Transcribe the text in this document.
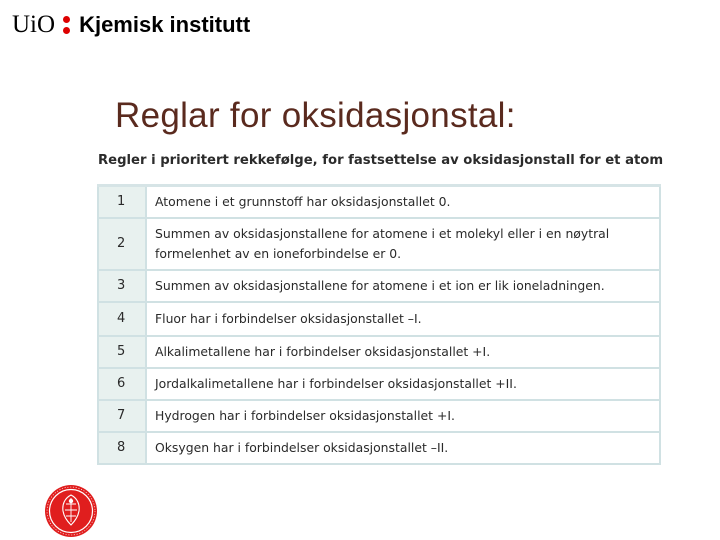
UiO Kjemisk institutt
Reglar for oksidasjonstal:
Regler i prioritert rekkefølge, for fastsettelse av oksidasjonstall for et atom
1	Atomene i et grunnstoff har oksidasjonstallet 0.
2	Summen av oksidasjonstallene for atomene i et molekyl eller i en nøytral formelenhet av en ioneforbindelse er 0.
3	Summen av oksidasjonstallene for atomene i et ion er lik ioneladningen.
4	Fluor har i forbindelser oksidasjonstallet –I.
5	Alkalimetallene har i forbindelser oksidasjonstallet +I.
6	Jordalkalimetallene har i forbindelser oksidasjonstallet +II.
7	Hydrogen har i forbindelser oksidasjonstallet +I.
8	Oksygen har i forbindelser oksidasjonstallet –II.
